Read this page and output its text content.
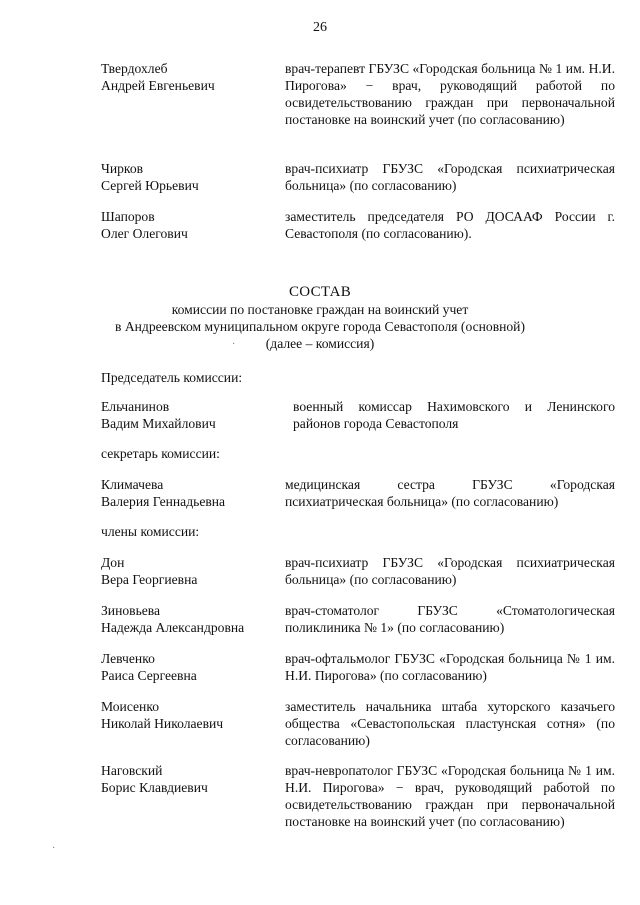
26
Твердохлеб
Андрей Евгеньевич
врач-терапевт ГБУЗС «Городская больница № 1 им. Н.И. Пирогова» − врач, руководящий работой по освидетельствованию граждан при первоначальной постановке на воинский учет (по согласованию)
Чирков
Сергей Юрьевич
врач-психиатр ГБУЗС «Городская психиатрическая больница» (по согласованию)
Шапоров
Олег Олегович
заместитель председателя РО ДОСААФ России г. Севастополя (по согласованию).
СОСТАВ
комиссии по постановке граждан на воинский учет
в Андреевском муниципальном округе города Севастополя (основной)
(далее – комиссия)
Председатель комиссии:
Ельчанинов
Вадим Михайлович
военный комиссар Нахимовского и Ленинского районов города Севастополя
секретарь комиссии:
Климачева
Валерия Геннадьевна
медицинская сестра ГБУЗС «Городская психиатрическая больница» (по согласованию)
члены комиссии:
Дон
Вера Георгиевна
врач-психиатр ГБУЗС «Городская психиатрическая больница» (по согласованию)
Зиновьева
Надежда Александровна
врач-стоматолог ГБУЗС «Стоматологическая поликлиника № 1» (по согласованию)
Левченко
Раиса Сергеевна
врач-офтальмолог ГБУЗС «Городская больница № 1 им. Н.И. Пирогова» (по согласованию)
Моисенко
Николай Николаевич
заместитель начальника штаба хуторского казачьего общества «Севастопольская пластунская сотня» (по согласованию)
Наговский
Борис Клавдиевич
врач-невропатолог ГБУЗС «Городская больница № 1 им. Н.И. Пирогова» − врач, руководящий работой по освидетельствованию граждан при первоначальной постановке на воинский учет (по согласованию)
·
·
